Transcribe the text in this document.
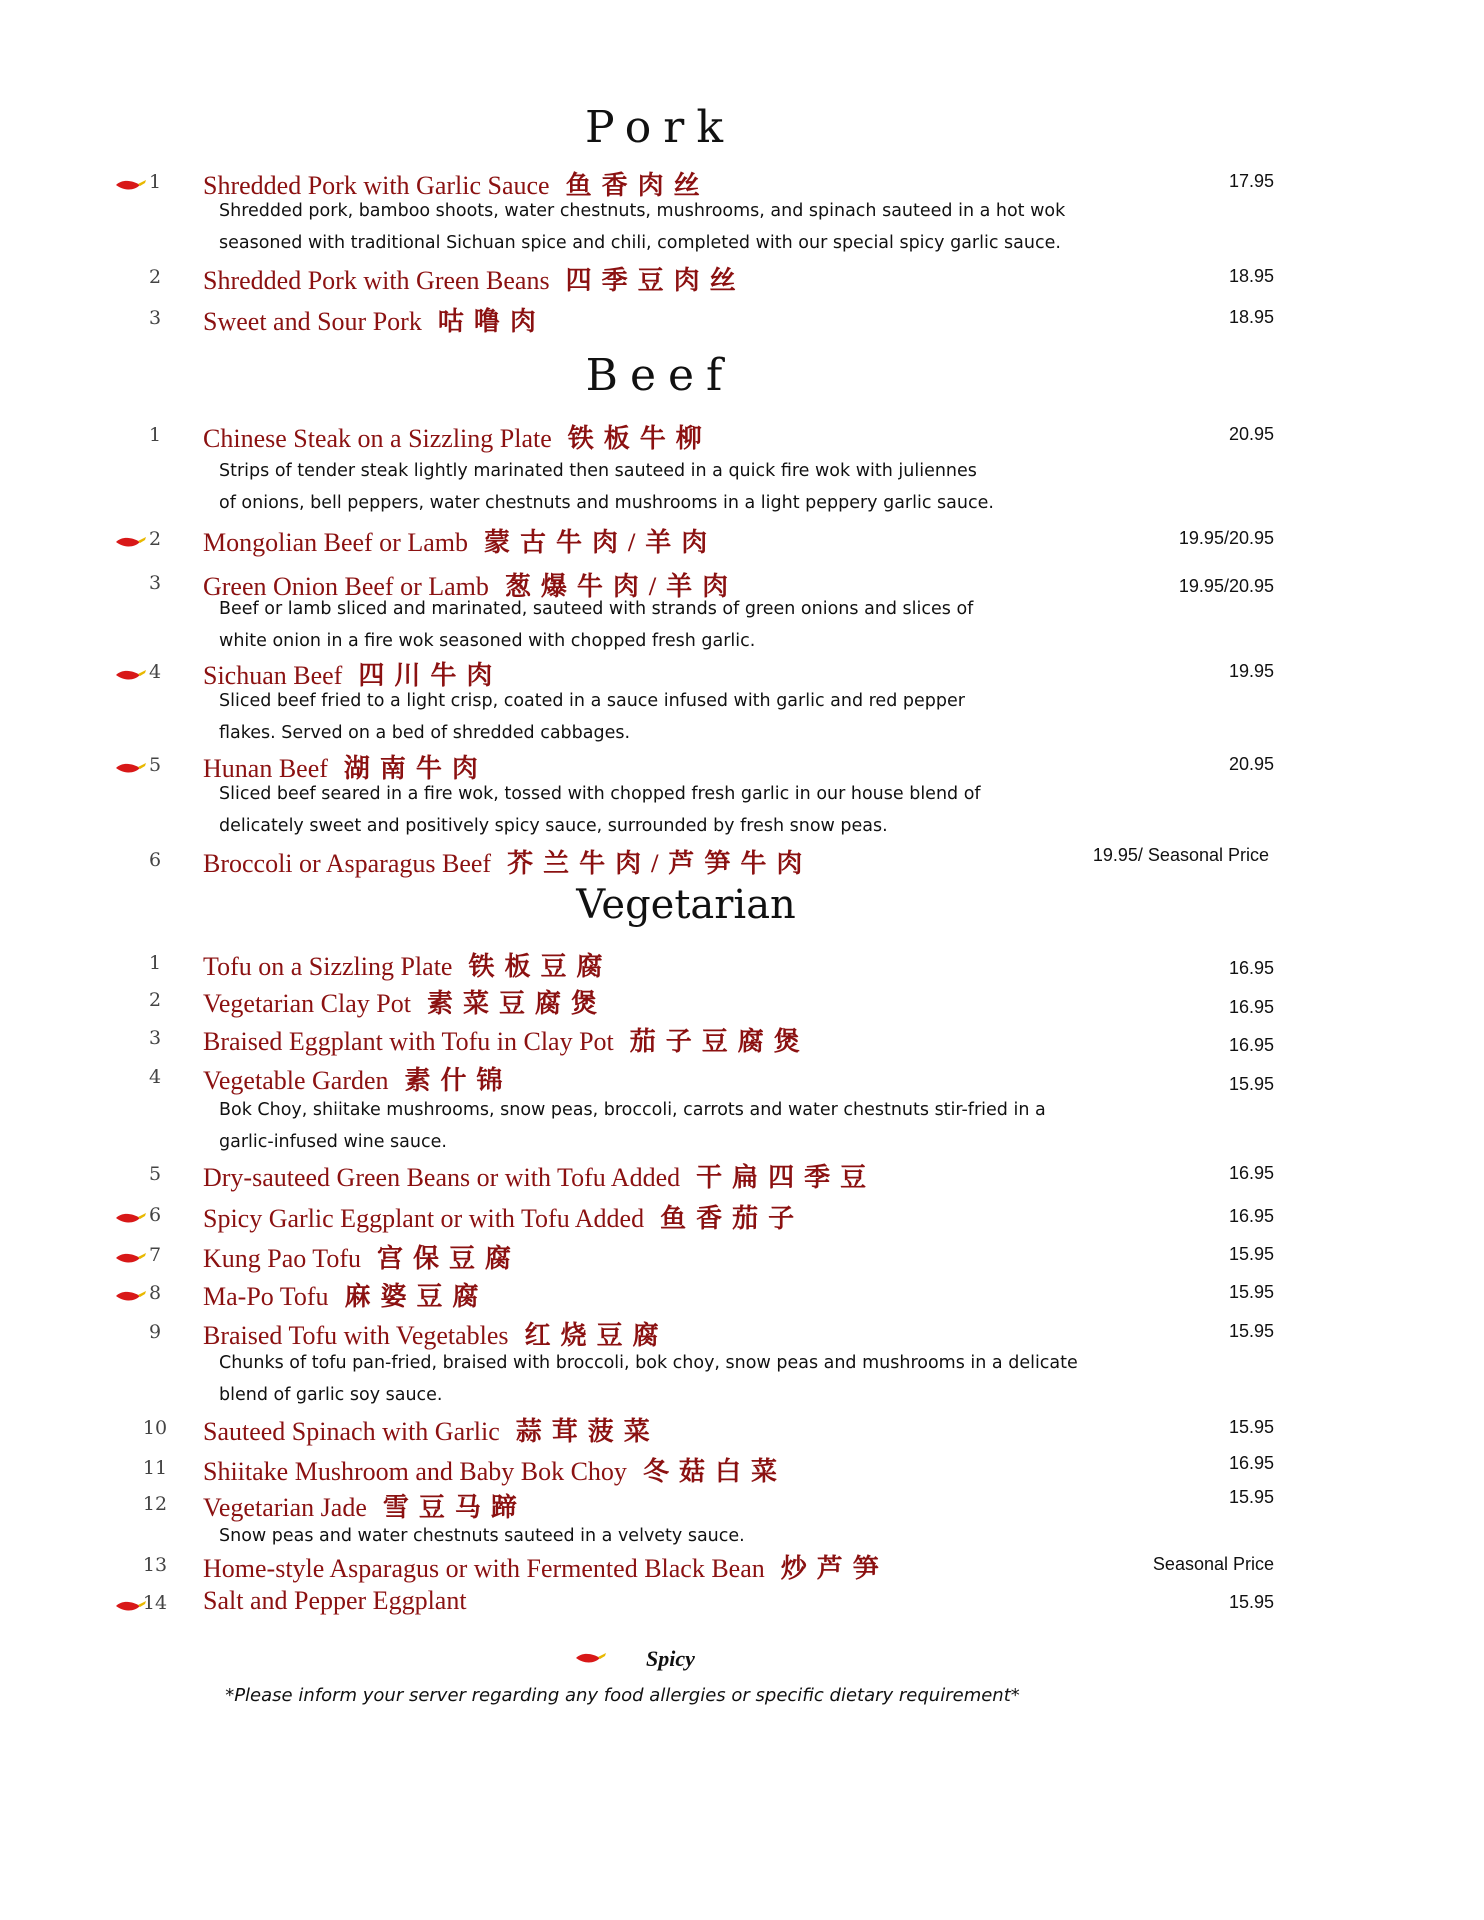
Pork
1	Shredded Pork with Garlic Sauce 鱼香肉丝	17.95
Shredded pork, bamboo shoots, water chestnuts, mushrooms, and spinach sauteed in a hot wok
seasoned with traditional Sichuan spice and chili, completed with our special spicy garlic sauce.
2	Shredded Pork with Green Beans 四季豆肉丝	18.95
3	Sweet and Sour Pork 咕噜肉	18.95
Beef
1	Chinese Steak on a Sizzling Plate 铁板牛柳	20.95
Strips of tender steak lightly marinated then sauteed in a quick fire wok with juliennes
of onions, bell peppers, water chestnuts and mushrooms in a light peppery garlic sauce.
2	Mongolian Beef or Lamb 蒙古牛肉/羊肉	19.95/20.95
3	Green Onion Beef or Lamb 葱爆牛肉/羊肉	19.95/20.95
Beef or lamb sliced and marinated, sauteed with strands of green onions and slices of
white onion in a fire wok seasoned with chopped fresh garlic.
4	Sichuan Beef 四川牛肉	19.95
Sliced beef fried to a light crisp, coated in a sauce infused with garlic and red pepper
flakes. Served on a bed of shredded cabbages.
5	Hunan Beef 湖南牛肉	20.95
Sliced beef seared in a fire wok, tossed with chopped fresh garlic in our house blend of
delicately sweet and positively spicy sauce, surrounded by fresh snow peas.
6	Broccoli or Asparagus Beef 芥兰牛肉/芦笋牛肉	19.95/ Seasonal Price
Vegetarian
1	Tofu on a Sizzling Plate 铁板豆腐	16.95
2	Vegetarian Clay Pot 素菜豆腐煲	16.95
3	Braised Eggplant with Tofu in Clay Pot 茄子豆腐煲	16.95
4	Vegetable Garden 素什锦	15.95
Bok Choy, shiitake mushrooms, snow peas, broccoli, carrots and water chestnuts stir-fried in a
garlic-infused wine sauce.
5	Dry-sauteed Green Beans or with Tofu Added 干扁四季豆	16.95
6	Spicy Garlic Eggplant or with Tofu Added 鱼香茄子	16.95
7	Kung Pao Tofu 宫保豆腐	15.95
8	Ma-Po Tofu 麻婆豆腐	15.95
9	Braised Tofu with Vegetables 红烧豆腐	15.95
Chunks of tofu pan-fried, braised with broccoli, bok choy, snow peas and mushrooms in a delicate
blend of garlic soy sauce.
10 Sauteed Spinach with Garlic 蒜茸菠菜	15.95
11 Shiitake Mushroom and Baby Bok Choy 冬菇白菜	16.95
12 Vegetarian Jade 雪豆马蹄	15.95
Snow peas and water chestnuts sauteed in a velvety sauce.
13 Home-style Asparagus or with Fermented Black Bean 炒芦笋	Seasonal Price
14 Salt and Pepper Eggplant	15.95
Spicy
*Please inform your server regarding any food allergies or specific dietary requirement*
